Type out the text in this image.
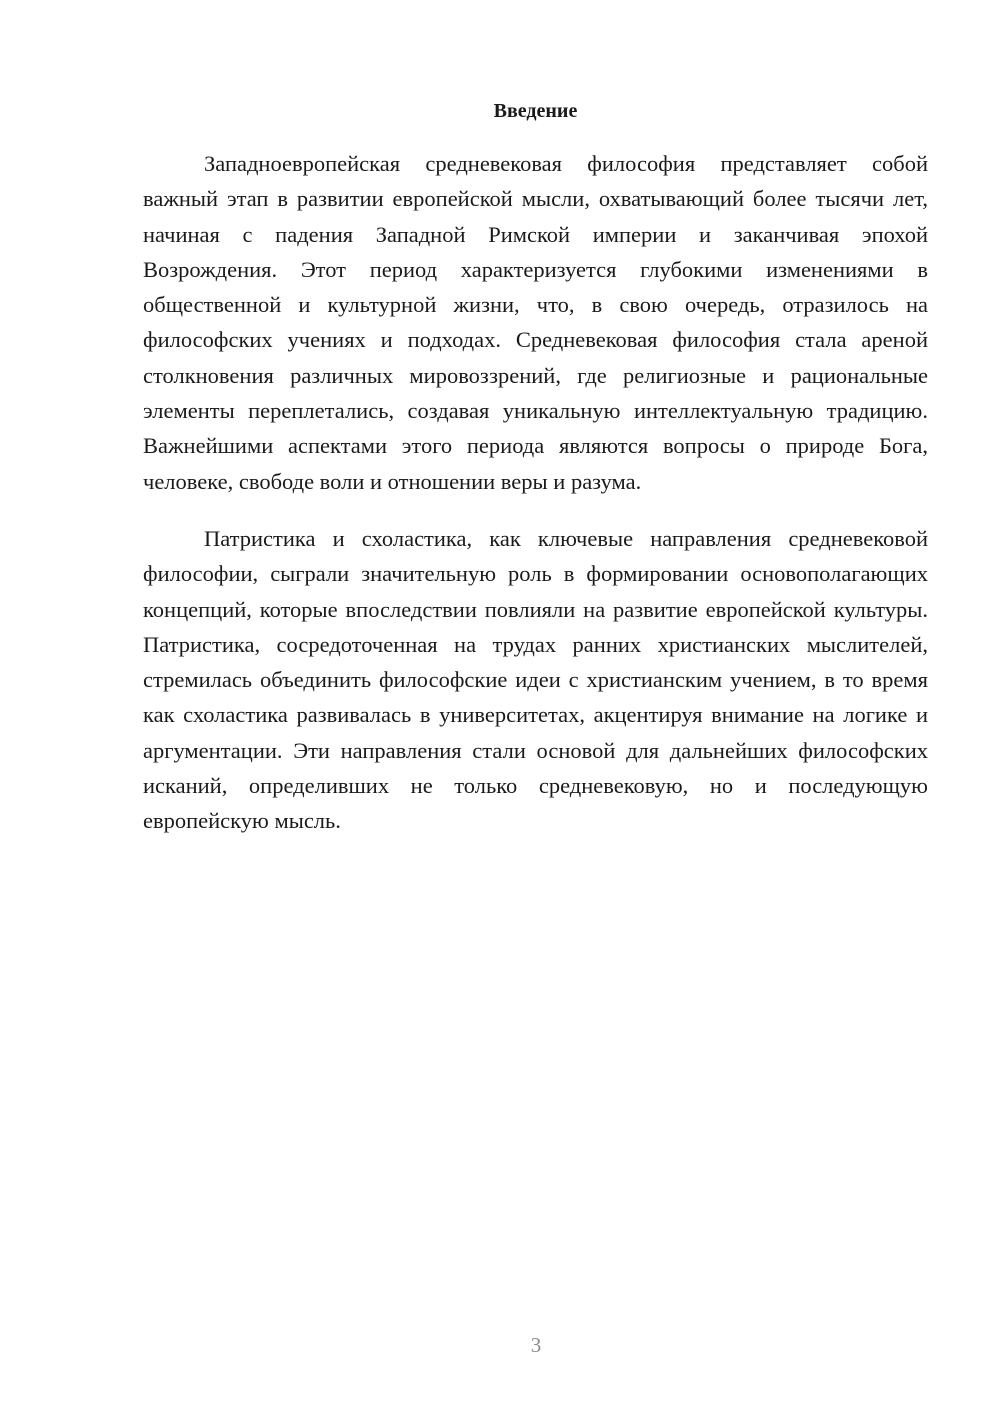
Введение

Западноевропейская средневековая философия представляет собой важный этап в развитии европейской мысли, охватывающий более тысячи лет, начиная с падения Западной Римской империи и заканчивая эпохой Возрождения. Этот период характеризуется глубокими изменениями в общественной и культурной жизни, что, в свою очередь, отразилось на философских учениях и подходах. Средневековая философия стала ареной столкновения различных мировоззрений, где религиозные и рациональные элементы переплетались, создавая уникальную интеллектуальную традицию. Важнейшими аспектами этого периода являются вопросы о природе Бога, человеке, свободе воли и отношении веры и разума.

Патристика и схоластика, как ключевые направления средневековой философии, сыграли значительную роль в формировании основополагающих концепций, которые впоследствии повлияли на развитие европейской культуры. Патристика, сосредоточенная на трудах ранних христианских мыслителей, стремилась объединить философские идеи с христианским учением, в то время как схоластика развивалась в университетах, акцентируя внимание на логике и аргументации. Эти направления стали основой для дальнейших философских исканий, определивших не только средневековую, но и последующую европейскую мысль.

3
